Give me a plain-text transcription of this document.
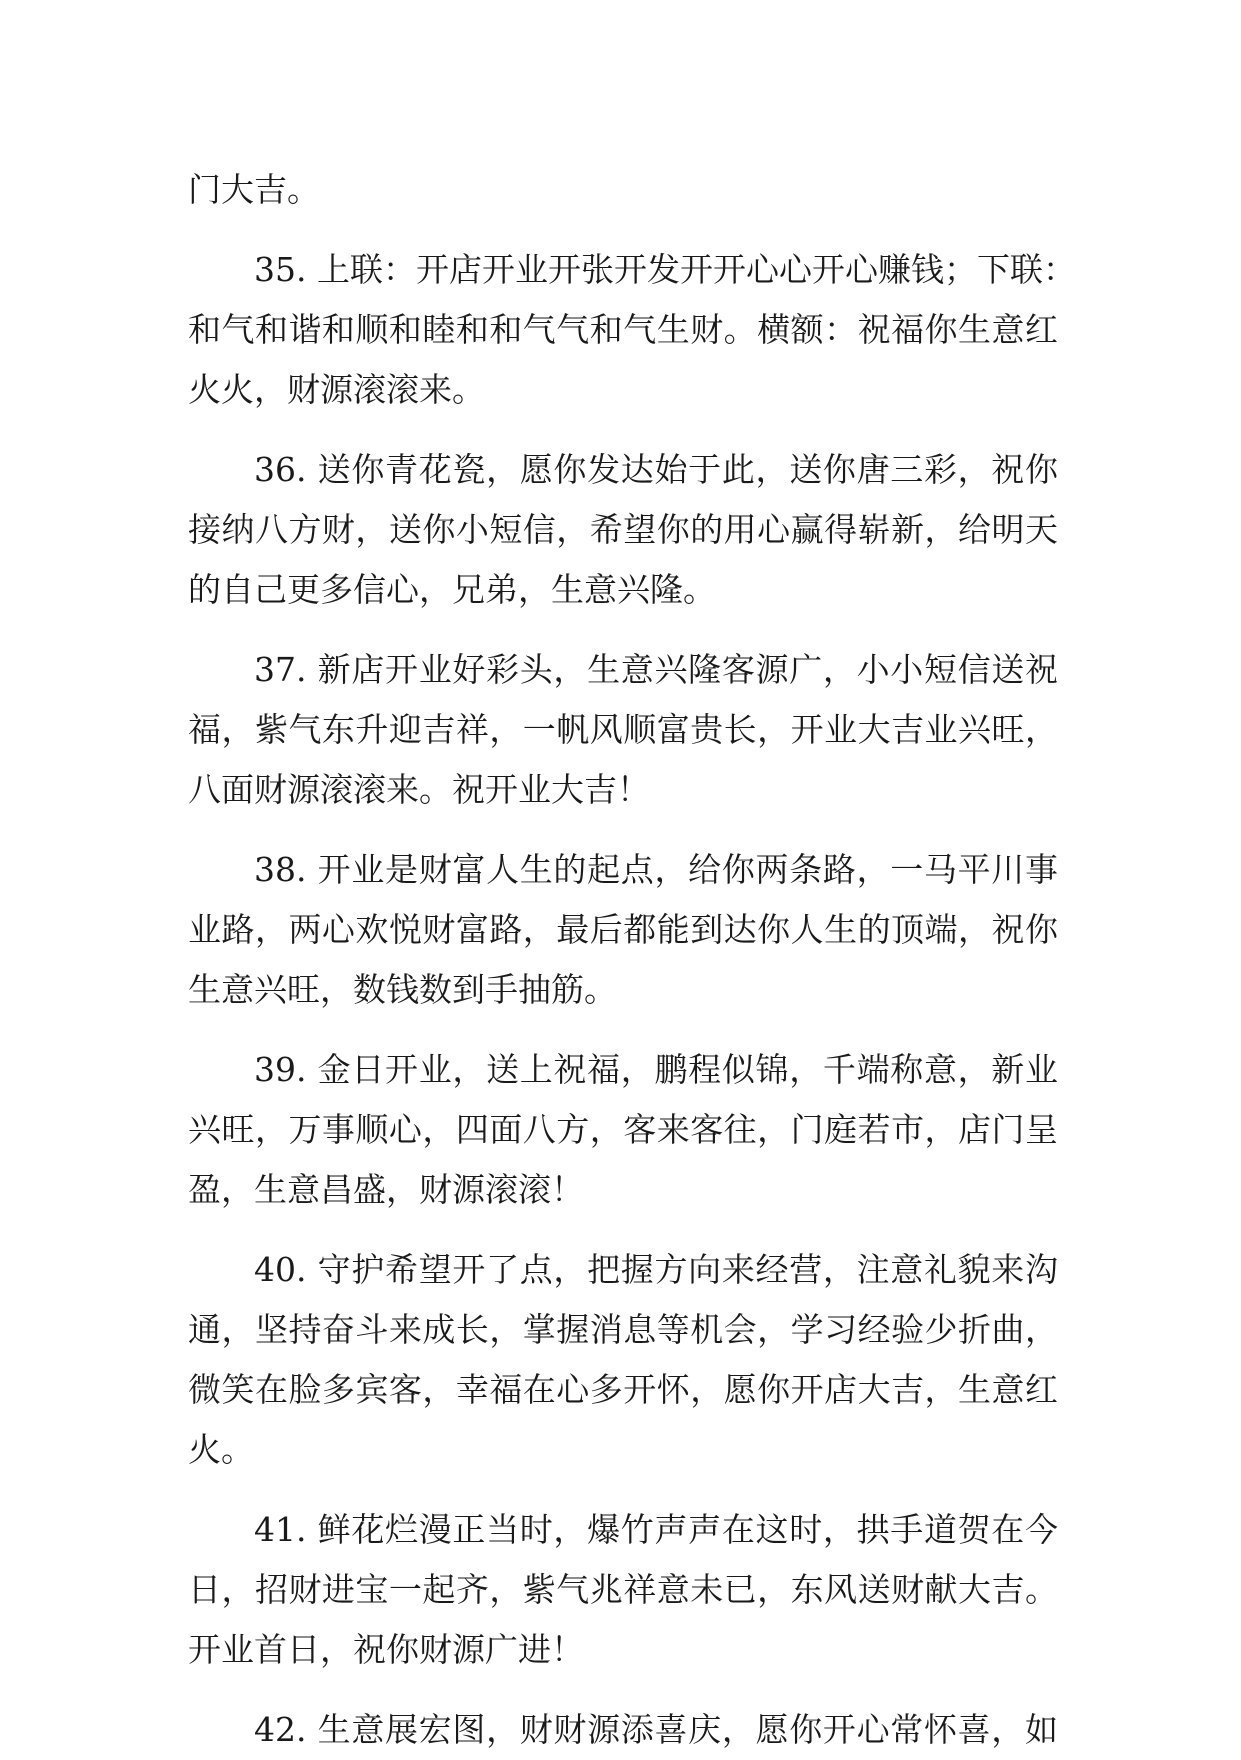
门大吉。
35. 上联：开店开业开张开发开开心心开心赚钱；下联：
和气和谐和顺和睦和和气气和气生财。横额：祝福你生意红
火火，财源滚滚来。
36. 送你青花瓷，愿你发达始于此，送你唐三彩，祝你
接纳八方财，送你小短信，希望你的用心赢得崭新，给明天
的自己更多信心，兄弟，生意兴隆。
37. 新店开业好彩头，生意兴隆客源广，小小短信送祝
福，紫气东升迎吉祥，一帆风顺富贵长，开业大吉业兴旺，
八面财源滚滚来。祝开业大吉！
38. 开业是财富人生的起点，给你两条路，一马平川事
业路，两心欢悦财富路，最后都能到达你人生的顶端，祝你
生意兴旺，数钱数到手抽筋。
39. 金日开业，送上祝福，鹏程似锦，千端称意，新业
兴旺，万事顺心，四面八方，客来客往，门庭若市，店门呈
盈，生意昌盛，财源滚滚！
40. 守护希望开了点，把握方向来经营，注意礼貌来沟
通，坚持奋斗来成长，掌握消息等机会，学习经验少折曲，
微笑在脸多宾客，幸福在心多开怀，愿你开店大吉，生意红
火。
41. 鲜花烂漫正当时，爆竹声声在这时，拱手道贺在今
日，招财进宝一起齐，紫气兆祥意未已，东风送财献大吉。
开业首日，祝你财源广进！
42. 生意展宏图，财财源添喜庆，愿你开心常怀喜，如
